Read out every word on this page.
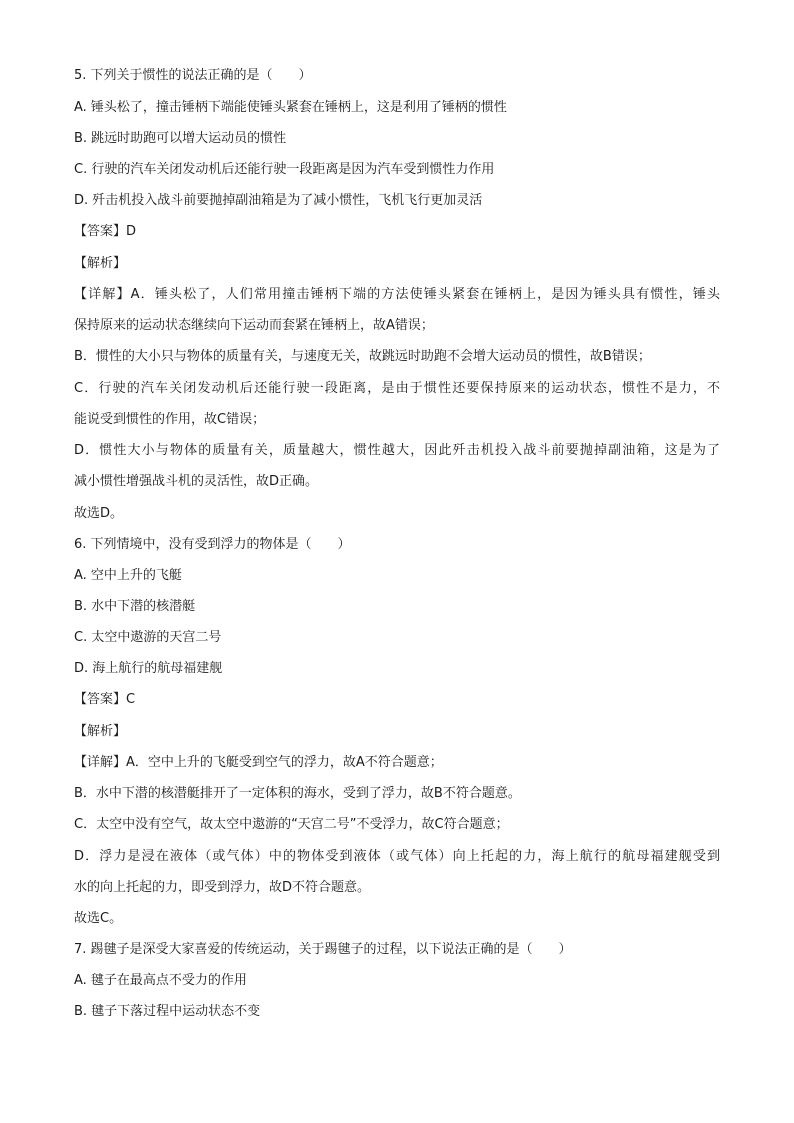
5. 下列关于惯性的说法正确的是（　　）
A. 锤头松了，撞击锤柄下端能使锤头紧套在锤柄上，这是利用了锤柄的惯性
B. 跳远时助跑可以增大运动员的惯性
C. 行驶的汽车关闭发动机后还能行驶一段距离是因为汽车受到惯性力作用
D. 歼击机投入战斗前要抛掉副油箱是为了减小惯性，飞机飞行更加灵活
【答案】D
【解析】
【详解】A．锤头松了，人们常用撞击锤柄下端的方法使锤头紧套在锤柄上，是因为锤头具有惯性，锤头
保持原来的运动状态继续向下运动而套紧在锤柄上，故A错误；
B．惯性的大小只与物体的质量有关，与速度无关，故跳远时助跑不会增大运动员的惯性，故B错误；
C．行驶的汽车关闭发动机后还能行驶一段距离，是由于惯性还要保持原来的运动状态，惯性不是力，不
能说受到惯性的作用，故C错误；
D．惯性大小与物体的质量有关，质量越大，惯性越大，因此歼击机投入战斗前要抛掉副油箱，这是为了
减小惯性增强战斗机的灵活性，故D正确。
故选D。
6. 下列情境中，没有受到浮力的物体是（　　）
A. 空中上升的飞艇
B. 水中下潜的核潜艇
C. 太空中遨游的天宫二号
D. 海上航行的航母福建舰
【答案】C
【解析】
【详解】A．空中上升的飞艇受到空气的浮力，故A不符合题意；
B．水中下潜的核潜艇排开了一定体积的海水，受到了浮力，故B不符合题意。
C．太空中没有空气，故太空中遨游的“天宫二号”不受浮力，故C符合题意；
D．浮力是浸在液体（或气体）中的物体受到液体（或气体）向上托起的力，海上航行的航母福建舰受到
水的向上托起的力，即受到浮力，故D不符合题意。
故选C。
7. 踢毽子是深受大家喜爱的传统运动，关于踢毽子的过程，以下说法正确的是（　　）
A. 毽子在最高点不受力的作用
B. 毽子下落过程中运动状态不变
